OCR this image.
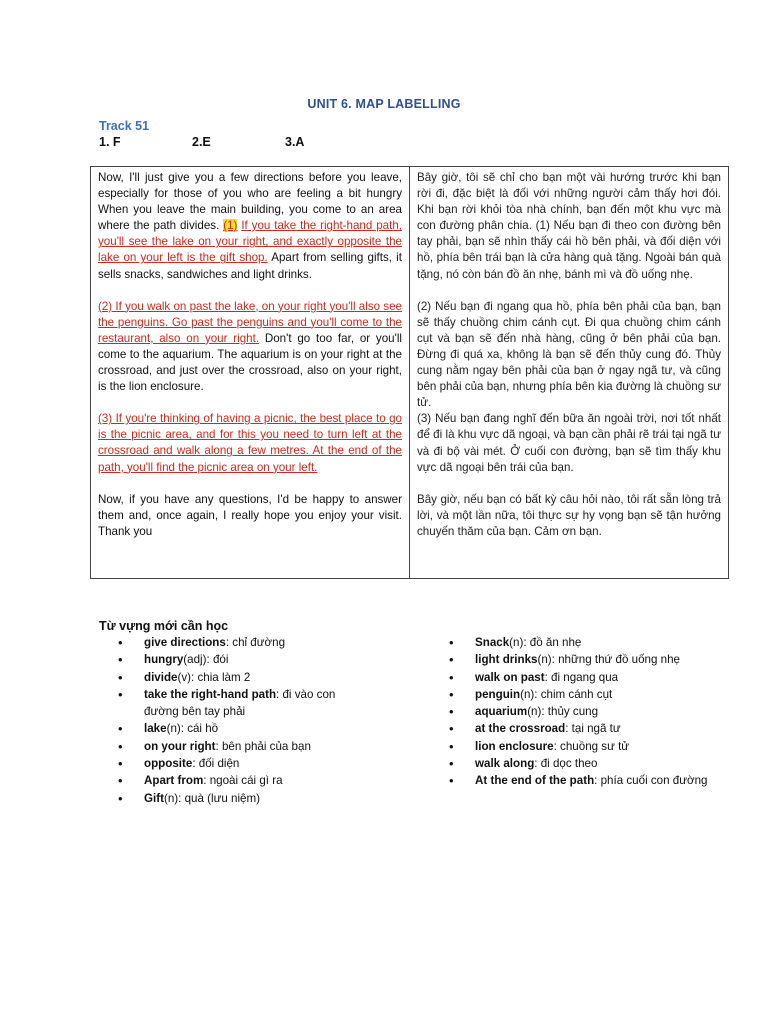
UNIT 6. MAP LABELLING
Track 51
1. F	2.E	3.A

Now, I'll just give you a few directions before you leave, especially for those of you who are feeling a bit hungry When you leave the main building, you come to an area where the path divides. (1) If you take the right-hand path, you'll see the lake on your right, and exactly opposite the lake on your left is the gift shop. Apart from selling gifts, it sells snacks, sandwiches and light drinks.

(2) If you walk on past the lake, on your right you'll also see the penguins. Go past the penguins and you'll come to the restaurant, also on your right. Don't go too far, or you'll come to the aquarium. The aquarium is on your right at the crossroad, and just over the crossroad, also on your right, is the lion enclosure.

(3) If you're thinking of having a picnic, the best place to go is the picnic area, and for this you need to turn left at the crossroad and walk along a few metres. At the end of the path, you'll find the picnic area on your left.

Now, if you have any questions, I'd be happy to answer them and, once again, I really hope you enjoy your visit. Thank you

Bây giờ, tôi sẽ chỉ cho bạn một vài hướng trước khi bạn rời đi, đặc biệt là đối với những người cảm thấy hơi đói. Khi bạn rời khỏi tòa nhà chính, bạn đến một khu vực mà con đường phân chia. (1) Nếu bạn đi theo con đường bên tay phải, bạn sẽ nhìn thấy cái hồ bên phải, và đối diện với hồ, phía bên trái bạn là cửa hàng quà tặng. Ngoài bán quà tặng, nó còn bán đồ ăn nhẹ, bánh mì và đồ uống nhẹ.

(2) Nếu bạn đi ngang qua hồ, phía bên phải của bạn, bạn sẽ thấy chuồng chim cánh cụt. Đi qua chuồng chim cánh cụt và bạn sẽ đến nhà hàng, cũng ở bên phải của bạn. Đừng đi quá xa, không là bạn sẽ đến thủy cung đó. Thủy cung nằm ngay bên phải của bạn ở ngay ngã tư, và cũng bên phải của bạn, nhưng phía bên kia đường là chuồng sư tử.

(3) Nếu bạn đang nghĩ đến bữa ăn ngoài trời, nơi tốt nhất để đi là khu vực dã ngoại, và bạn cần phải rẽ trái tại ngã tư và đi bộ vài mét. Ở cuối con đường, bạn sẽ tìm thấy khu vực dã ngoại bên trái của bạn.

Bây giờ, nếu bạn có bất kỳ câu hỏi nào, tôi rất sẵn lòng trả lời, và một lần nữa, tôi thực sự hy vọng bạn sẽ tận hưởng chuyến thăm của bạn. Cảm ơn bạn.

Từ vựng mới cần học
• give directions: chỉ đường
• hungry(adj): đói
• divide(v): chia làm 2
• take the right-hand path: đi vào con đường bên tay phải
• lake(n): cái hồ
• on your right: bên phải của bạn
• opposite: đối diện
• Apart from: ngoài cái gì ra
• Gift(n): quà (lưu niệm)
• Snack(n): đồ ăn nhẹ
• light drinks(n): những thứ đồ uống nhẹ
• walk on past: đi ngang qua
• penguin(n): chim cánh cụt
• aquarium(n): thủy cung
• at the crossroad: tại ngã tư
• lion enclosure: chuồng sư tử
• walk along: đi dọc theo
• At the end of the path: phía cuối con đường
